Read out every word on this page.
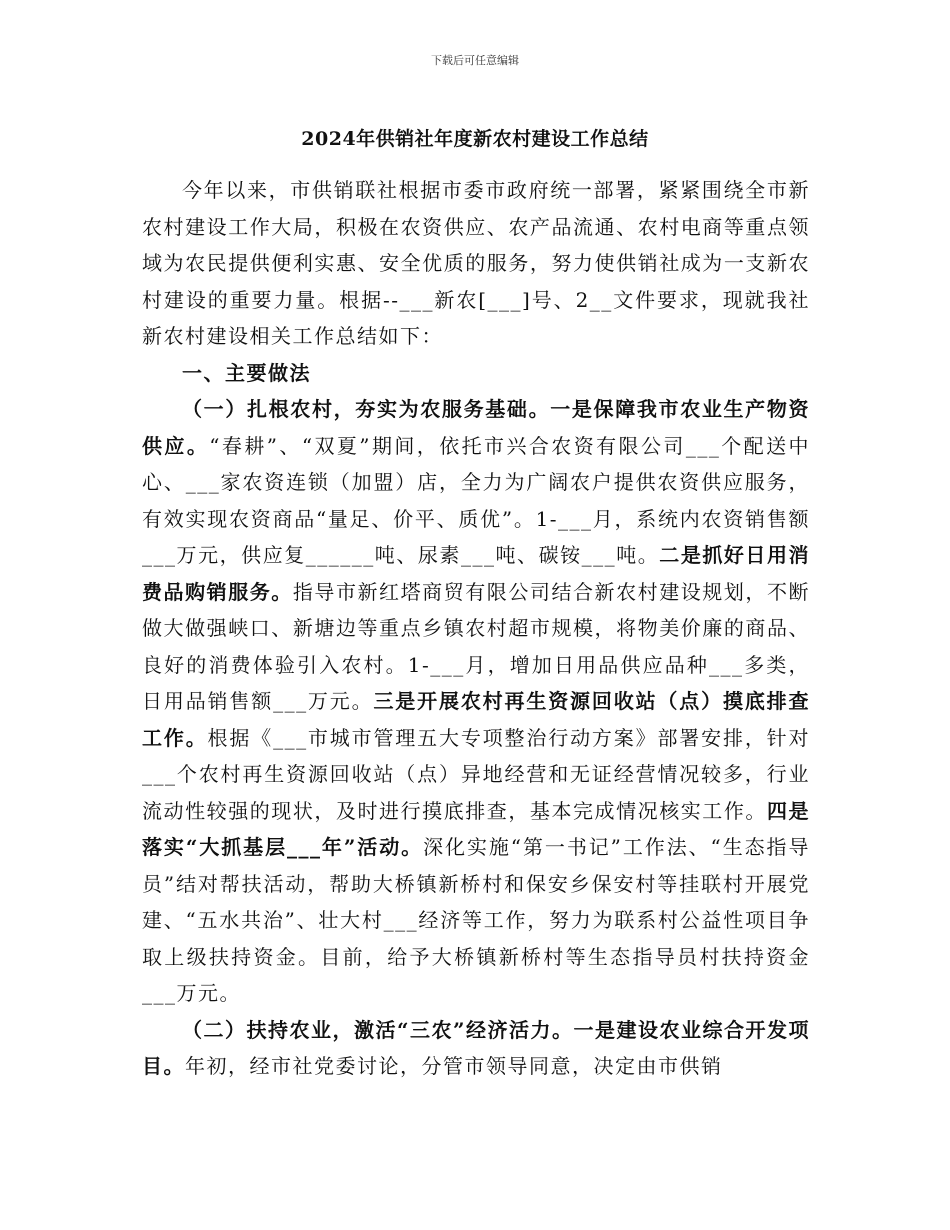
下载后可任意编辑
2024年供销社年度新农村建设工作总结

今年以来，市供销联社根据市委市政府统一部署，紧紧围绕全市新农村建设工作大局，积极在农资供应、农产品流通、农村电商等重点领域为农民提供便利实惠、安全优质的服务，努力使供销社成为一支新农村建设的重要力量。根据--___新农[___]号、2__文件要求，现就我社新农村建设相关工作总结如下：

一、主要做法

（一）扎根农村，夯实为农服务基础。一是保障我市农业生产物资供应。“春耕”、“双夏”期间，依托市兴合农资有限公司___个配送中心、___家农资连锁（加盟）店，全力为广阔农户提供农资供应服务，有效实现农资商品“量足、价平、质优”。1-___月，系统内农资销售额___万元，供应复______吨、尿素___吨、碳铵___吨。二是抓好日用消费品购销服务。指导市新红塔商贸有限公司结合新农村建设规划，不断做大做强峡口、新塘边等重点乡镇农村超市规模，将物美价廉的商品、良好的消费体验引入农村。1-___月，增加日用品供应品种___多类，日用品销售额___万元。三是开展农村再生资源回收站（点）摸底排查工作。根据《___市城市管理五大专项整治行动方案》部署安排，针对___个农村再生资源回收站（点）异地经营和无证经营情况较多，行业流动性较强的现状，及时进行摸底排查，基本完成情况核实工作。四是落实“大抓基层___年”活动。深化实施“第一书记”工作法、“生态指导员”结对帮扶活动，帮助大桥镇新桥村和保安乡保安村等挂联村开展党建、“五水共治”、壮大村___经济等工作，努力为联系村公益性项目争取上级扶持资金。目前，给予大桥镇新桥村等生态指导员村扶持资金___万元。

（二）扶持农业，激活“三农”经济活力。一是建设农业综合开发项目。年初，经市社党委讨论，分管市领导同意，决定由市供销
